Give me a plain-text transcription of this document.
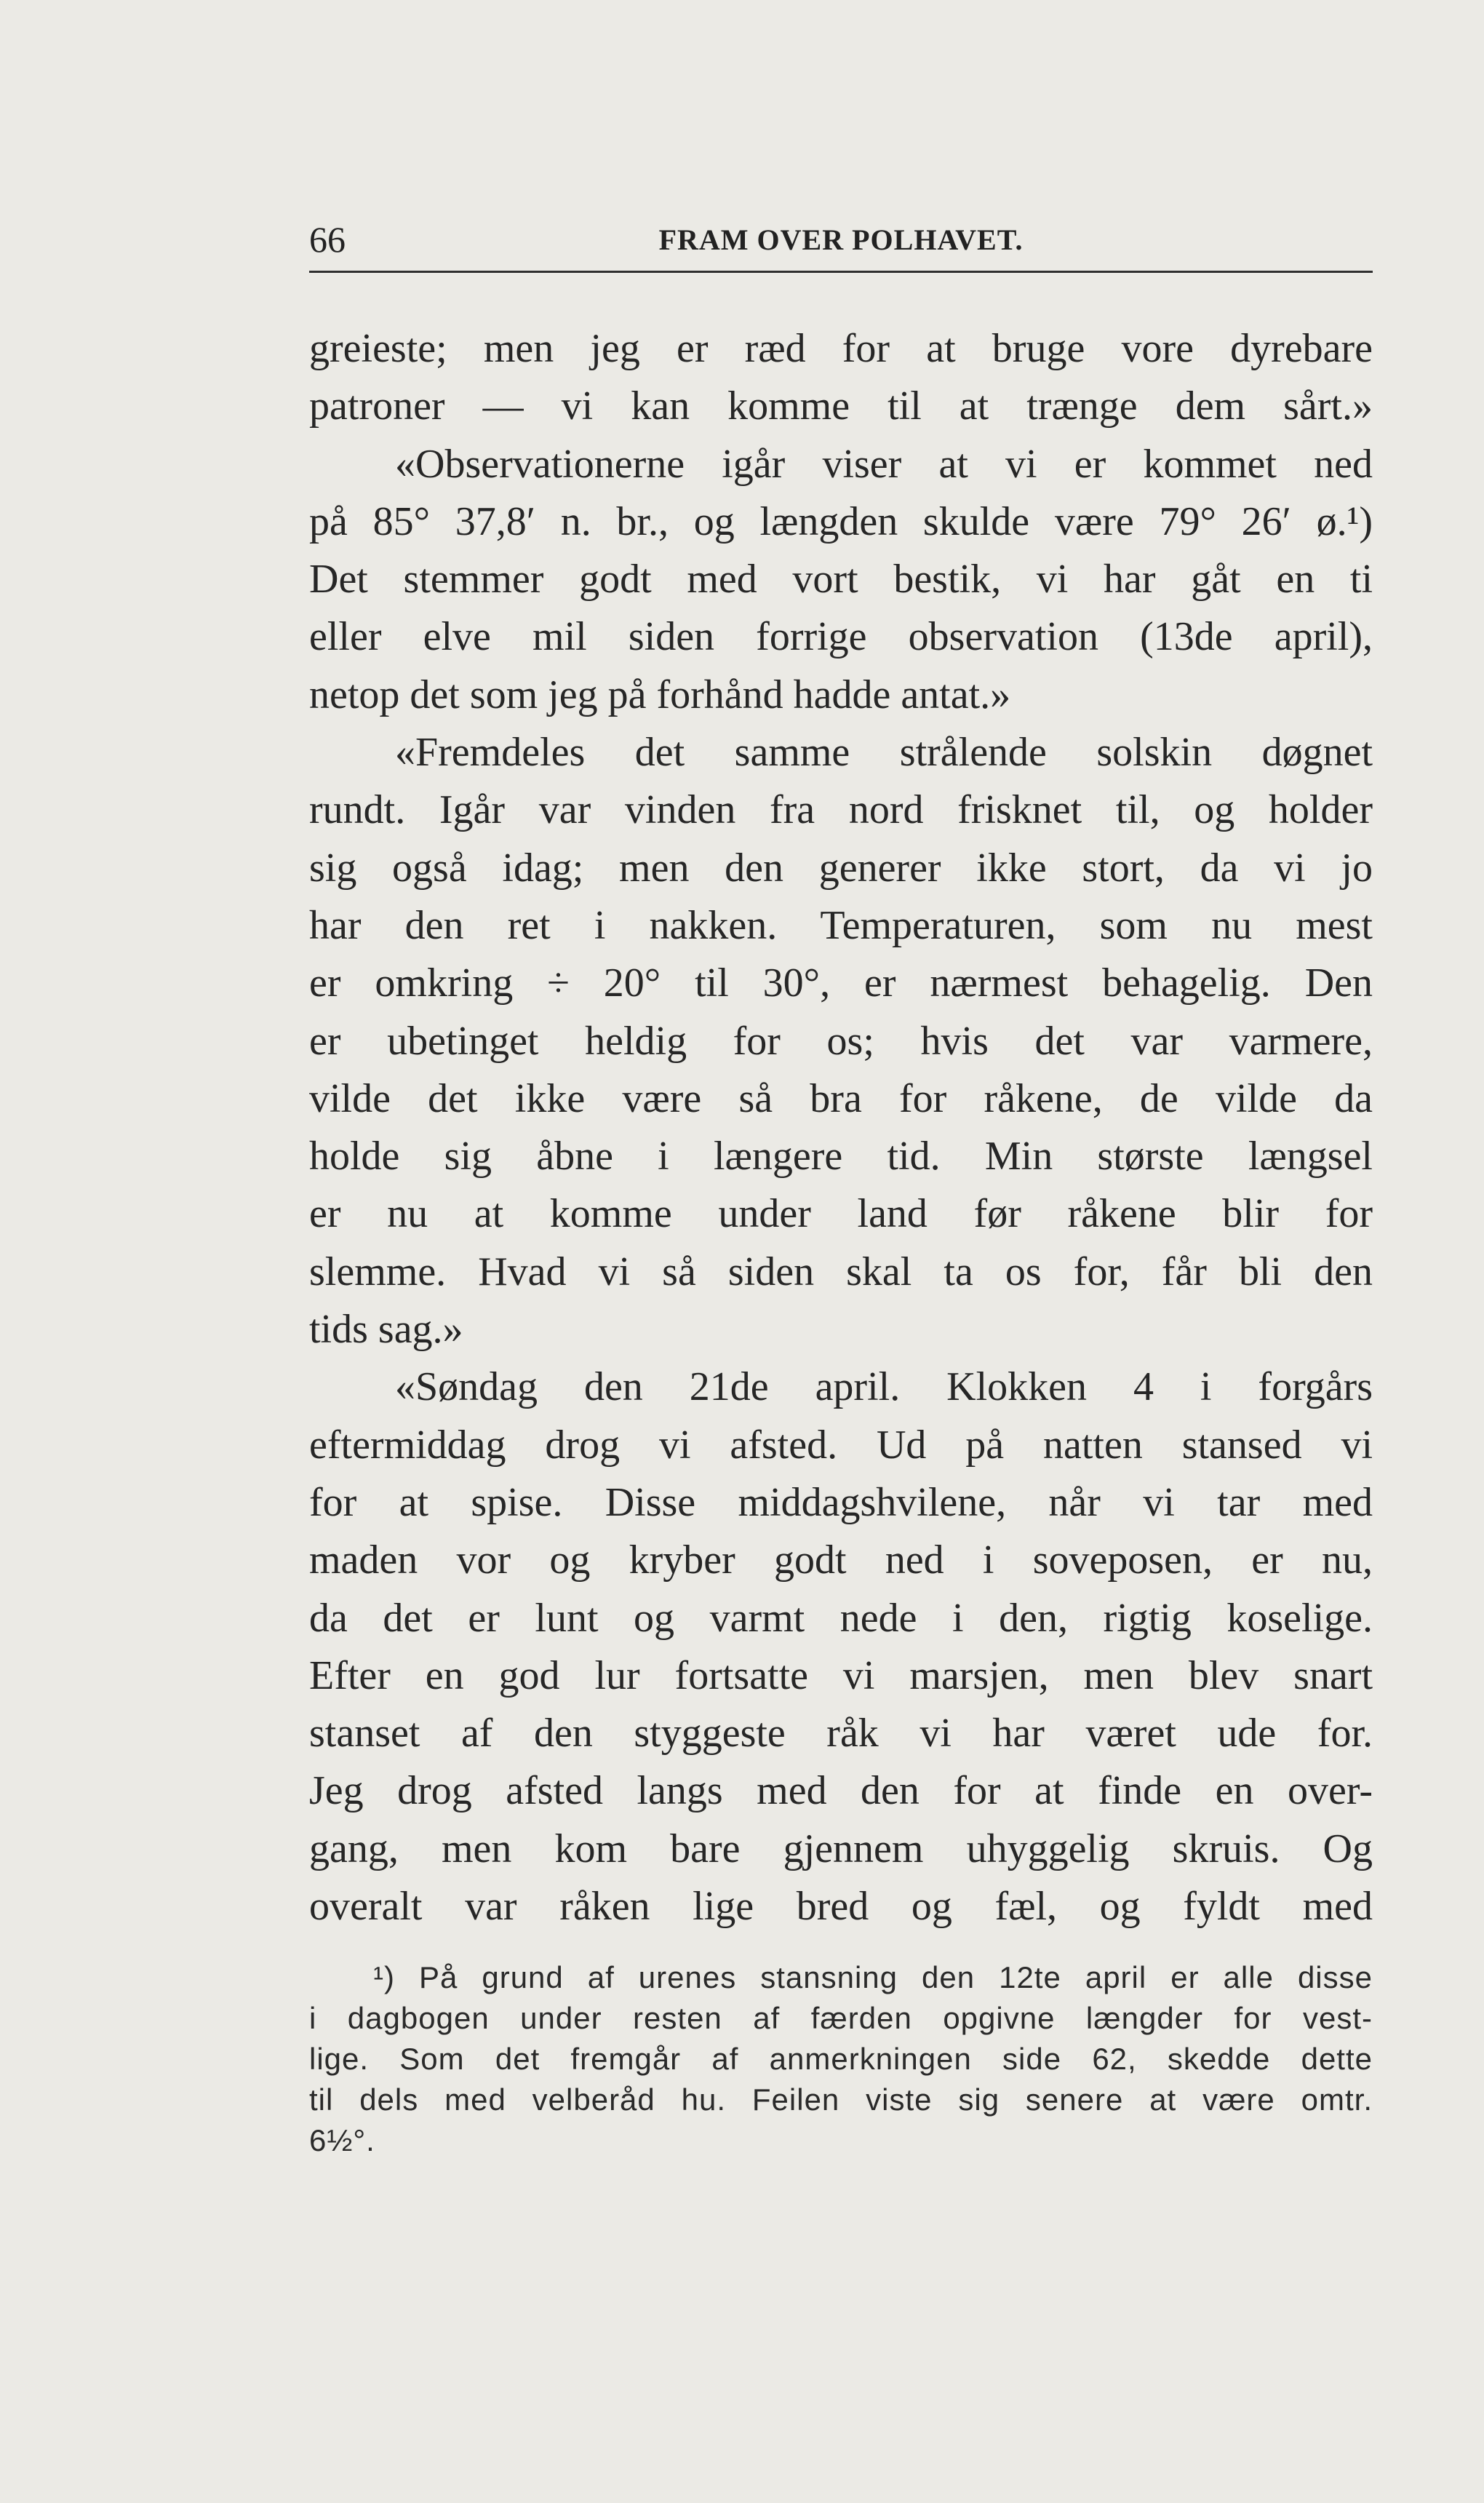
66	FRAM OVER POLHAVET.
greieste; men jeg er ræd for at bruge vore dyrebare
patroner — vi kan komme til at trænge dem sårt.»
«Observationerne igår viser at vi er kommet ned
på 85° 37,8′ n. br., og længden skulde være 79° 26′ ø.¹)
Det stemmer godt med vort bestik, vi har gåt en ti
eller elve mil siden forrige observation (13de april),
netop det som jeg på forhånd hadde antat.»
«Fremdeles det samme strålende solskin døgnet
rundt. Igår var vinden fra nord frisknet til, og holder
sig også idag; men den generer ikke stort, da vi jo
har den ret i nakken. Temperaturen, som nu mest
er omkring ÷ 20° til 30°, er nærmest behagelig. Den
er ubetinget heldig for os; hvis det var varmere,
vilde det ikke være så bra for råkene, de vilde da
holde sig åbne i længere tid. Min største længsel
er nu at komme under land før råkene blir for
slemme. Hvad vi så siden skal ta os for, får bli den
tids sag.»
«Søndag den 21de april. Klokken 4 i forgårs
eftermiddag drog vi afsted. Ud på natten stansed vi
for at spise. Disse middagshvilene, når vi tar med
maden vor og kryber godt ned i soveposen, er nu,
da det er lunt og varmt nede i den, rigtig koselige.
Efter en god lur fortsatte vi marsjen, men blev snart
stanset af den styggeste råk vi har været ude for.
Jeg drog afsted langs med den for at finde en over-
gang, men kom bare gjennem uhyggelig skruis. Og
overalt var råken lige bred og fæl, og fyldt med
¹) På grund af urenes stansning den 12te april er alle disse
i dagbogen under resten af færden opgivne længder for vest-
lige. Som det fremgår af anmerkningen side 62, skedde dette
til dels med velberåd hu. Feilen viste sig senere at være omtr.
6½°.
